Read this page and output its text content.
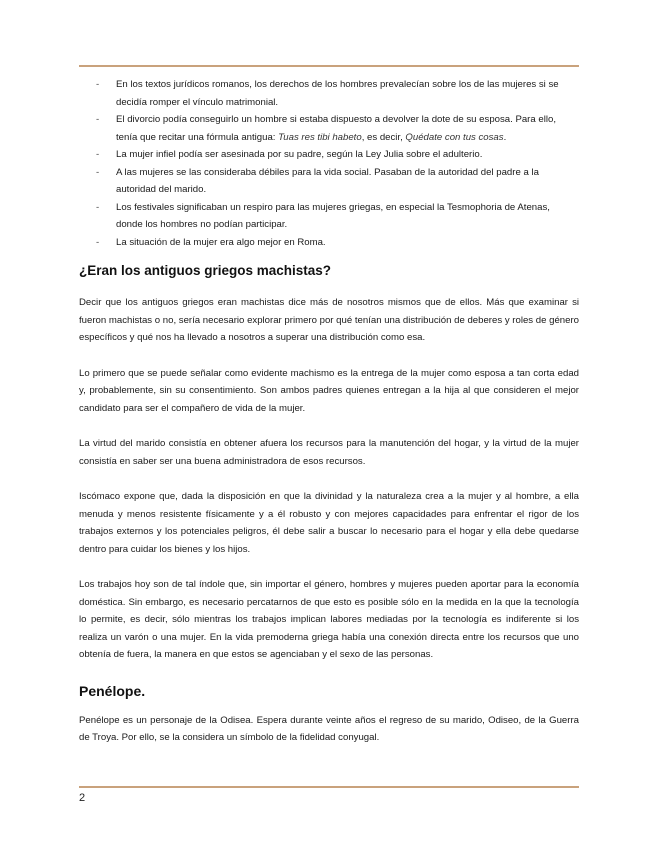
- En los textos jurídicos romanos, los derechos de los hombres prevalecían sobre los de las mujeres si se decidía romper el vínculo matrimonial.
- El divorcio podía conseguirlo un hombre si estaba dispuesto a devolver la dote de su esposa. Para ello, tenía que recitar una fórmula antigua: Tuas res tibi habeto, es decir, Quédate con tus cosas.
- La mujer infiel podía ser asesinada por su padre, según la Ley Julia sobre el adulterio.
- A las mujeres se las consideraba débiles para la vida social. Pasaban de la autoridad del padre a la autoridad del marido.
- Los festivales significaban un respiro para las mujeres griegas, en especial la Tesmophoria de Atenas, donde los hombres no podían participar.
- La situación de la mujer era algo mejor en Roma.
¿Eran los antiguos griegos machistas?

Decir que los antiguos griegos eran machistas dice más de nosotros mismos que de ellos. Más que examinar si fueron machistas o no, sería necesario explorar primero por qué tenían una distribución de deberes y roles de género específicos y qué nos ha llevado a nosotros a superar una distribución como esa.

Lo primero que se puede señalar como evidente machismo es la entrega de la mujer como esposa a tan corta edad y, probablemente, sin su consentimiento. Son ambos padres quienes entregan a la hija al que consideren el mejor candidato para ser el compañero de vida de la mujer.

La virtud del marido consistía en obtener afuera los recursos para la manutención del hogar, y la virtud de la mujer consistía en saber ser una buena administradora de esos recursos.

Iscómaco expone que, dada la disposición en que la divinidad y la naturaleza crea a la mujer y al hombre, a ella menuda y menos resistente físicamente y a él robusto y con mejores capacidades para enfrentar el rigor de los trabajos externos y los potenciales peligros, él debe salir a buscar lo necesario para el hogar y ella debe quedarse dentro para cuidar los bienes y los hijos.

Los trabajos hoy son de tal índole que, sin importar el género, hombres y mujeres pueden aportar para la economía doméstica. Sin embargo, es necesario percatarnos de que esto es posible sólo en la medida en la que la tecnología lo permite, es decir, sólo mientras los trabajos implican labores mediadas por la tecnología es indiferente si los realiza un varón o una mujer. En la vida premoderna griega había una conexión directa entre los recursos que uno obtenía de fuera, la manera en que estos se agenciaban y el sexo de las personas.

Penélope.

Penélope es un personaje de la Odisea. Espera durante veinte años el regreso de su marido, Odiseo, de la Guerra de Troya. Por ello, se la considera un símbolo de la fidelidad conyugal.

2
